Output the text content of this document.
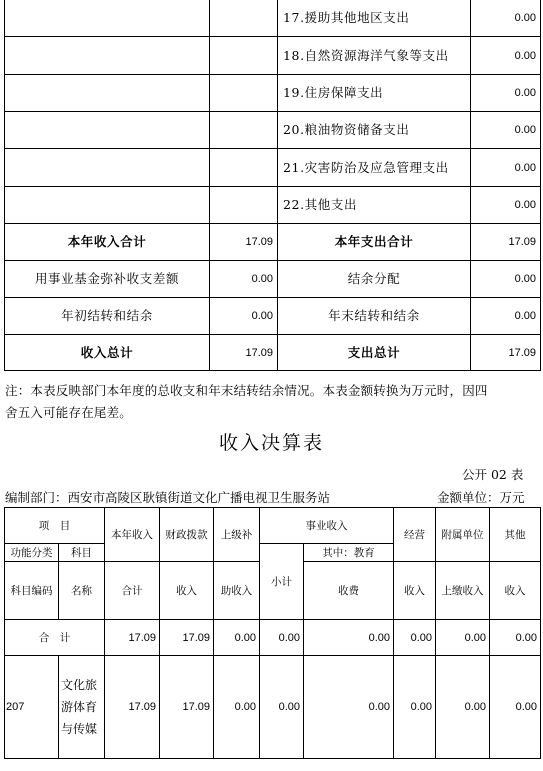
		17.援助其他地区支出	0.00
		18.自然资源海洋气象等支出	0.00
		19.住房保障支出	0.00
		20.粮油物资储备支出	0.00
		21.灾害防治及应急管理支出	0.00
		22.其他支出	0.00
本年收入合计	17.09	本年支出合计	17.09
用事业基金弥补收支差额	0.00	结余分配	0.00
年初结转和结余	0.00	年末结转和结余	0.00
收入总计	17.09	支出总计	17.09
注：本表反映部门本年度的总收支和年末结转结余情况。本表金额转换为万元时，因四
舍五入可能存在尾差。
收入决算表
公开 02 表
编制部门：西安市高陵区耿镇街道文化广播电视卫生服务站	金额单位：万元
项　目		本年收入	财政拨款	上级补	事业收入		经营	附属单位	其他
功能分类	科目				小计	其中：教育			
科目编码	名称	合计	收入	助收入		收费	收入	上缴收入	收入
合　计		17.09	17.09	0.00	0.00	0.00	0.00	0.00	0.00
207	文化旅
游体育
与传媒	17.09	17.09	0.00	0.00	0.00	0.00	0.00	0.00
